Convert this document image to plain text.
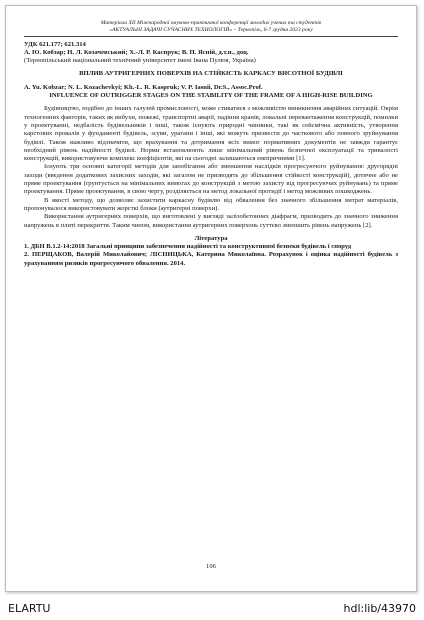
Матеріали XII Міжнародної науково-практичної конференції молодих учених та студентів
«АКТУАЛЬНІ ЗАДАЧІ СУЧАСНИХ ТЕХНОЛОГІЙ» – Тернопіль, 6-7 грудня 2023 року
УДК 621.177; 621.314
А. Ю. Кобзар; Н. Л. Козачевський; Х.-Л. Р. Каспрук; В. П. Ясній, д.т.н., доц.
(Тернопільський національний технічний університет імені Івана Пулюя, Україна)
ВПЛИВ АУТРИГЕРНИХ ПОВЕРХІВ НА СТІЙКІСТЬ КАРКАСУ ВИСОТНОЇ БУДІВЛІ
A. Yu. Kobzar; N. L. Kozachevkyi; Kh.-L. R. Kaspruk; V. P. Iasnii, Dr.S., Assoc.Prof.
INFLUENCE OF OUTRIGGER STAGES ON THE STABILITY OF THE FRAME OF A HIGH-RISE BUILDING
Будівництво, подібно до інших галузей промисловості, може стикатися з можливістю виникнення аварійних ситуацій. Окрім техногенних факторів, таких як вибухи, пожежі, транспортні аварії, падіння кранів, локальні перевантаження конструкцій, помилки у проектуванні, недбалість будівельників і інші, також існують природні чинники, такі як сейсмічна активність, утворення карстових провалів у фундаменті будівель, зсуви, урагани і інші, які можуть призвести до часткового або повного зруйнування будівлі. Також важливо відзначити, що врахування та дотримання всіх вимог нормативних документів не завжди гарантує необхідний рівень надійності будівлі. Норми встановлюють лише мінімальний рівень безпечної експлуатації та тривалості конструкцій, використовуючи комплекс коефіцієнтів, які на сьогодні залишаються емпіричними [1].
Існують три основні категорії методів для запобігання або зменшення наслідків прогресуючого руйнування: другорядні заходи (введення додаткових захисних заходів, які загалом не призводять до збільшення стійкості конструкцій), дотичне або не пряме проектування (ґрунтується на мінімальних вимогах до конструкцій з метою захисту від прогресуючих руйнувань) та пряме проектування. Пряме проектування, в свою чергу, розділяється на метод локальної протидії і метод можливих пошкоджень.
В якості методу, що дозволяє захистити каркасну будівлю від обвалення без значного збільшення витрат матеріалів, пропонувалося використовувати жорсткі блоки (аутригерні поверхи).
Використання аутригерних поверхів, що виготовлені у вигляді залізобетонних діафрагм, призводить до значного зниження напружень в плиті перекриття. Таким чином, використання аутригерних поверхонь суттєво зменшить рівень напружень [2].
Література
1. ДБН В.1.2-14:2018 Загальні принципи забезпечення надійності та конструктивної безпеки будівель і споруд
2. ПЕРЩАКОВ, Валерій Миколайович; ЛІСНИЦЬКА, Катерина Миколаївна. Розрахунок і оцінка надійності будівель з урахуванням ризиків прогресуючого обвалення. 2014.
106
ELARTU	hdl:lib/43970
